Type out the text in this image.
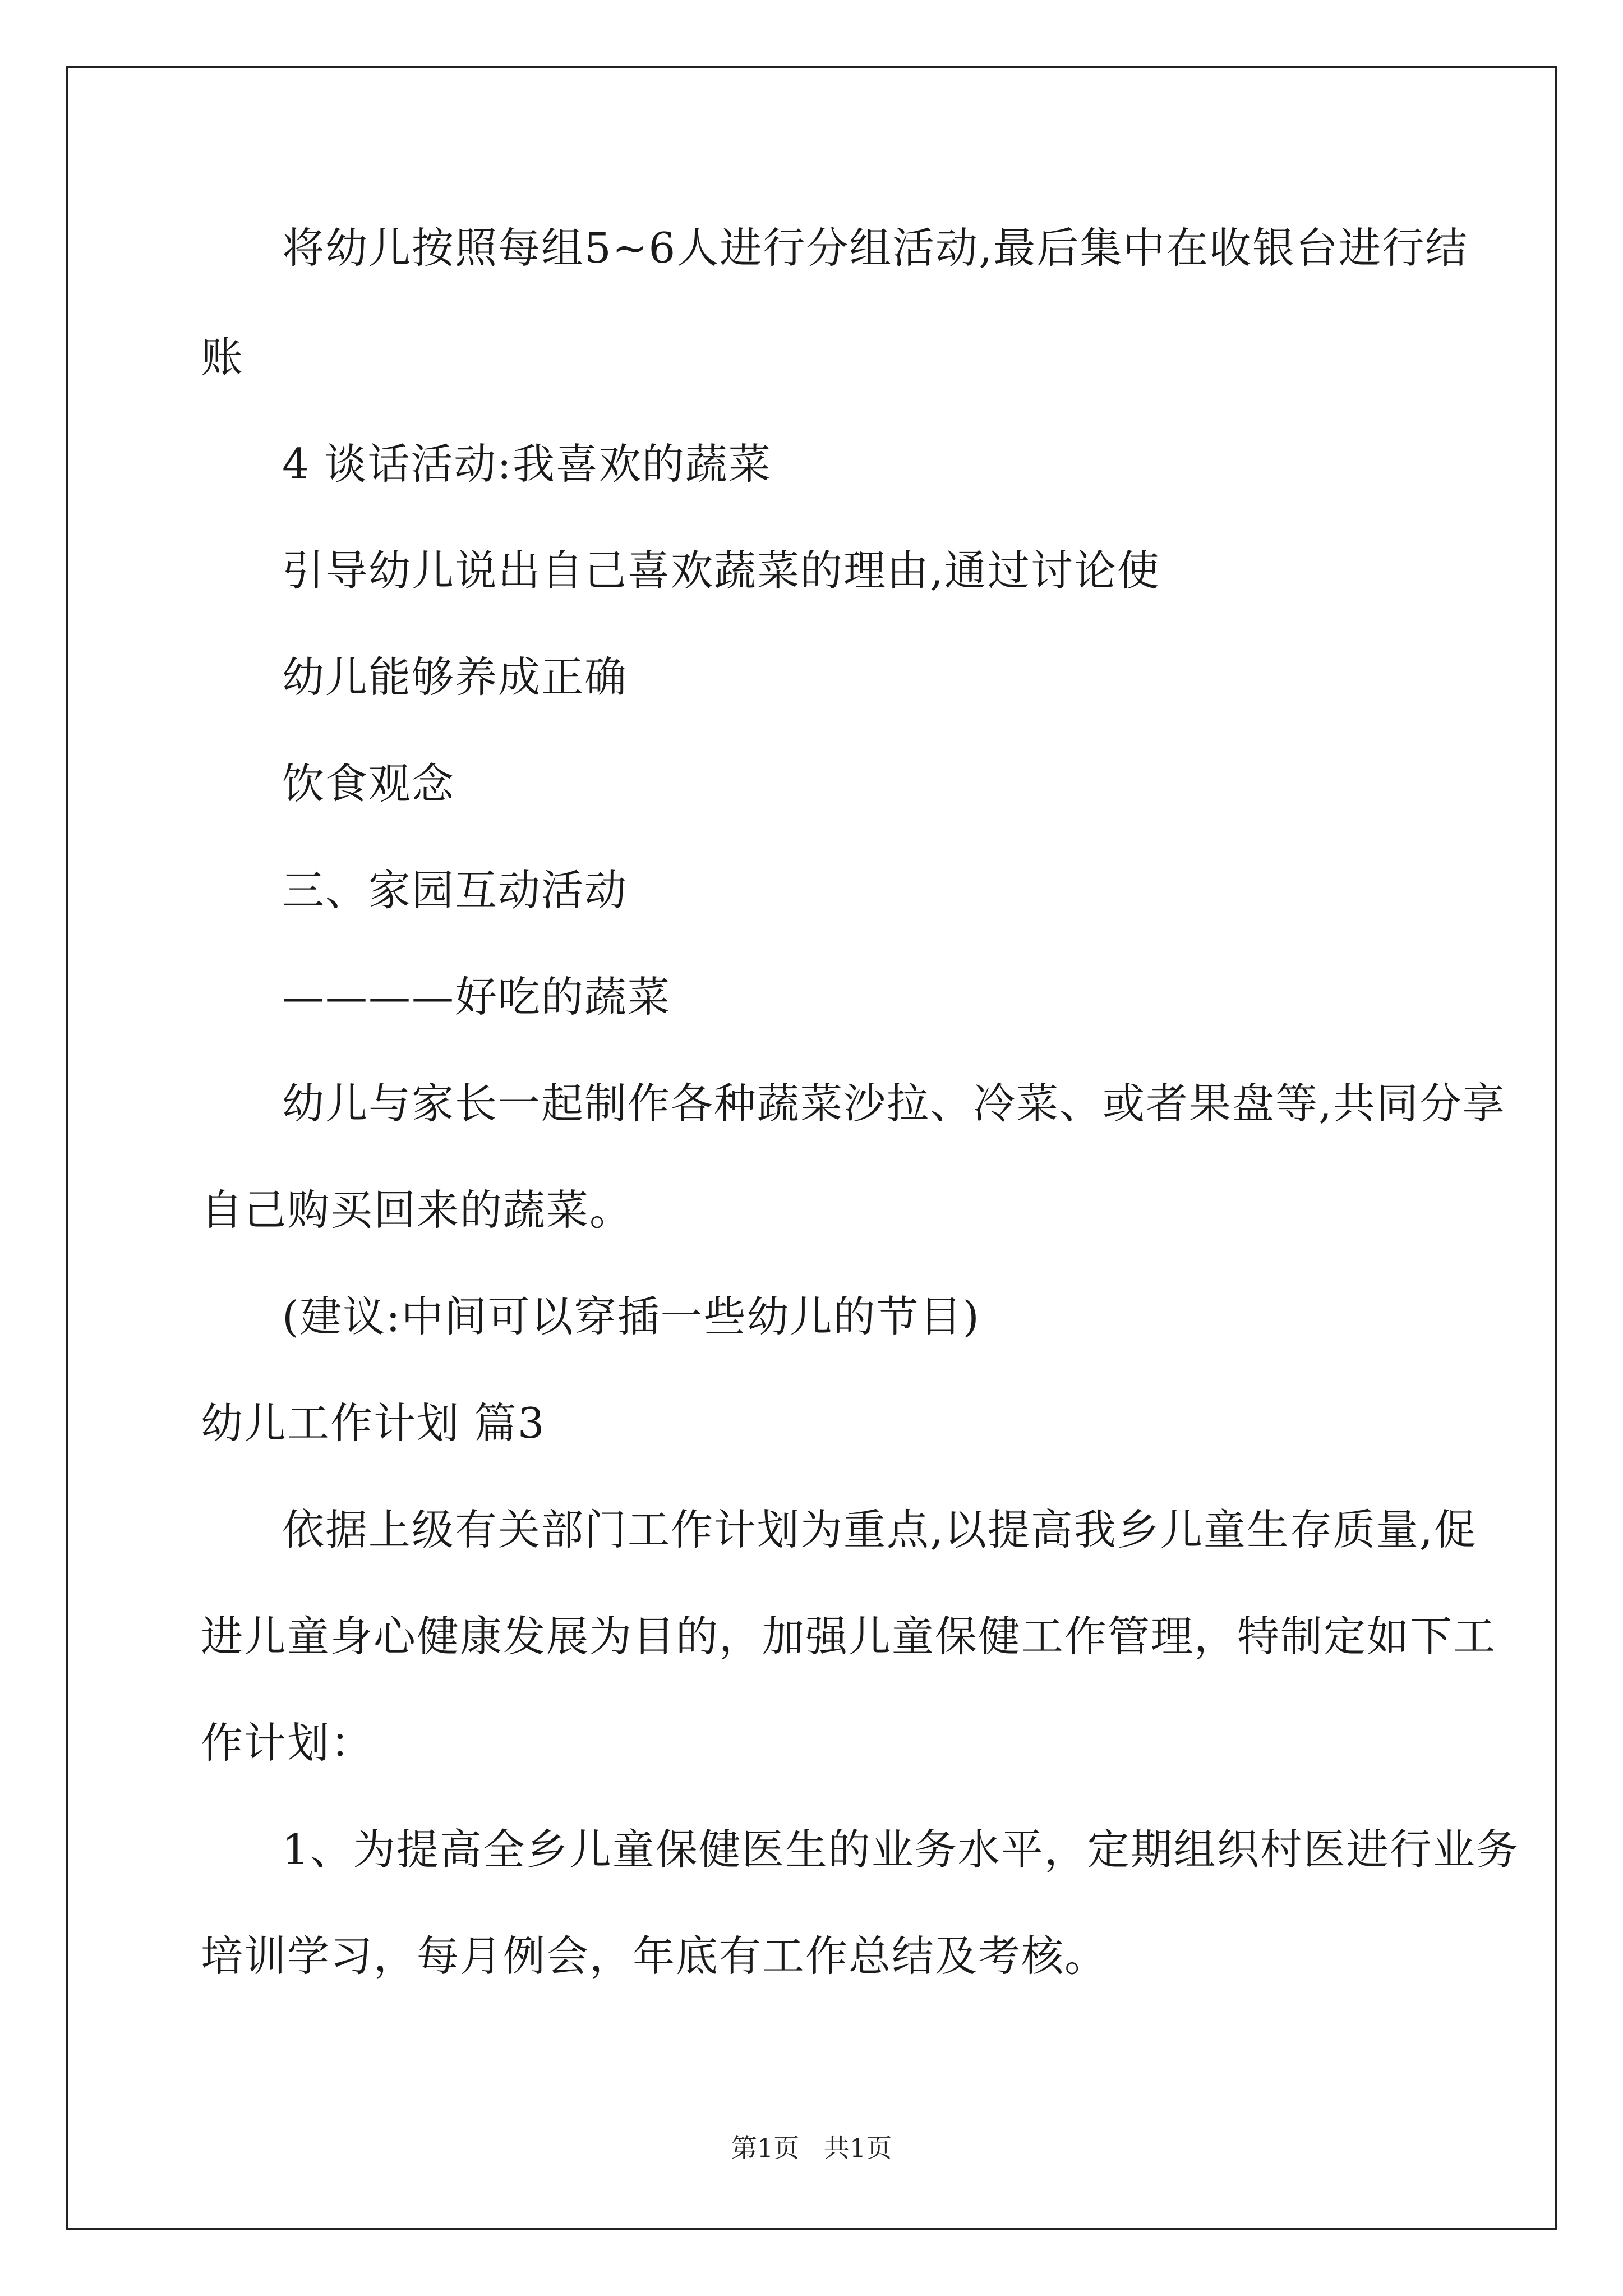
将幼儿按照每组5~6人进行分组活动,最后集中在收银台进行结
账
4 谈话活动:我喜欢的蔬菜
引导幼儿说出自己喜欢蔬菜的理由,通过讨论使
幼儿能够养成正确
饮食观念
三、家园互动活动
————好吃的蔬菜
幼儿与家长一起制作各种蔬菜沙拉、冷菜、或者果盘等,共同分享
自己购买回来的蔬菜。
(建议:中间可以穿插一些幼儿的节目)
幼儿工作计划 篇3
依据上级有关部门工作计划为重点,以提高我乡儿童生存质量,促
进儿童身心健康发展为目的，加强儿童保健工作管理，特制定如下工
作计划：
1、为提高全乡儿童保健医生的业务水平，定期组织村医进行业务
培训学习，每月例会，年底有工作总结及考核。
第1页   共1页
